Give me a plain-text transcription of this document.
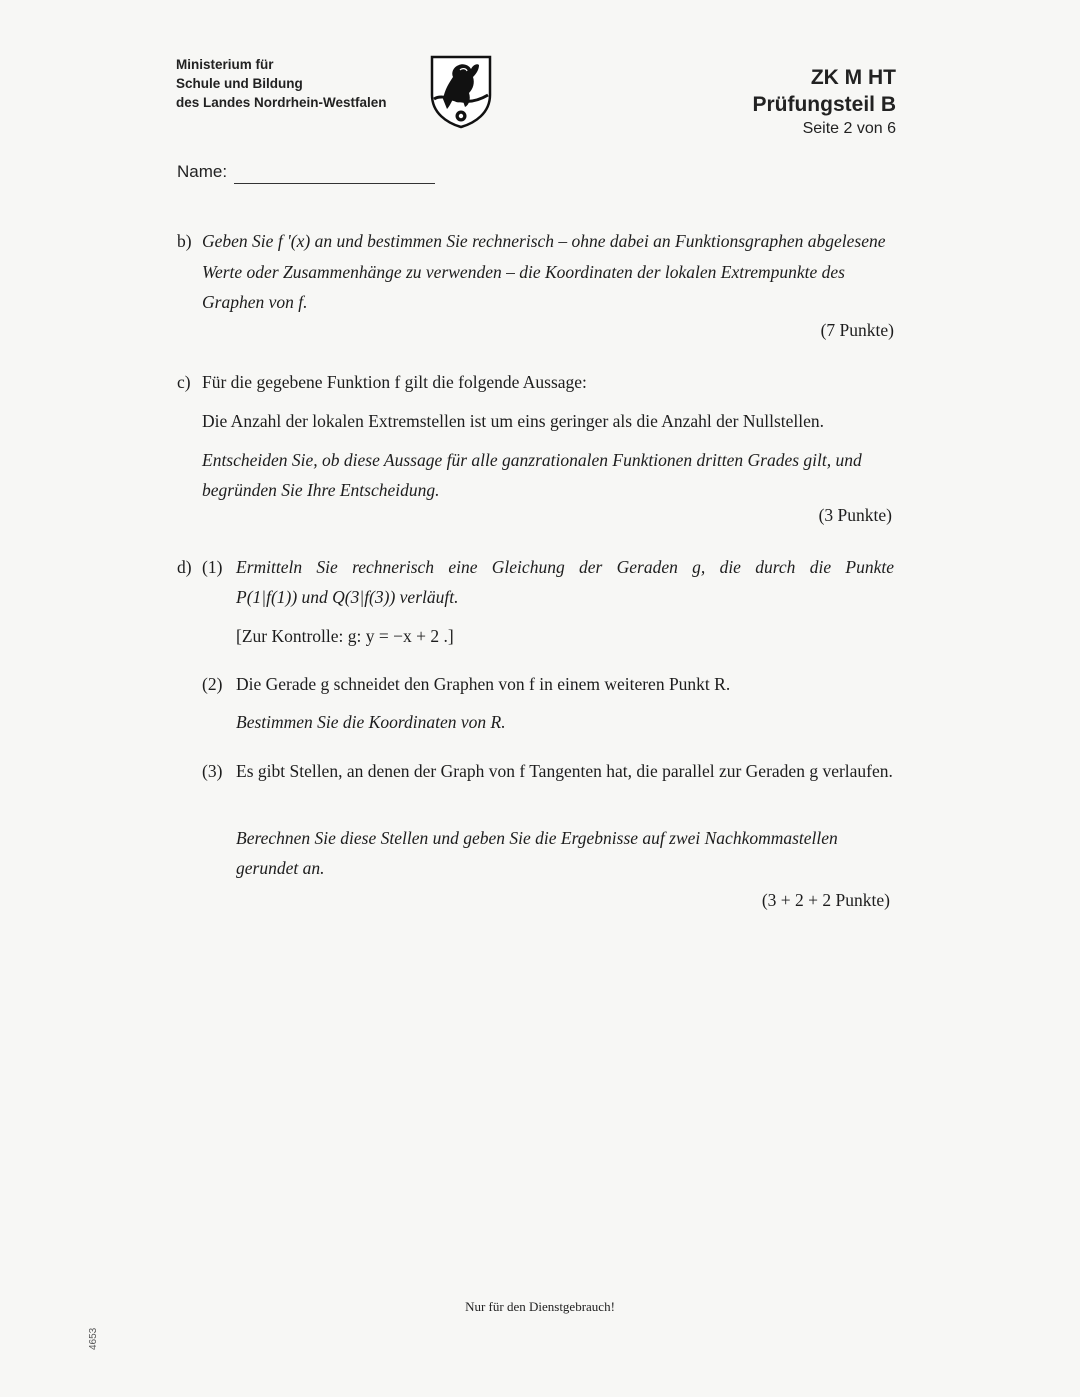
Ministerium für
Schule und Bildung
des Landes Nordrhein-Westfalen
ZK M HT
Prüfungsteil B
Seite 2 von 6
Name:
b) Geben Sie f '(x) an und bestimmen Sie rechnerisch – ohne dabei an Funktionsgraphen abgelesene Werte oder Zusammenhänge zu verwenden – die Koordinaten der lokalen Extrempunkte des Graphen von f.
(7 Punkte)
c) Für die gegebene Funktion f gilt die folgende Aussage:
Die Anzahl der lokalen Extremstellen ist um eins geringer als die Anzahl der Nullstellen.
Entscheiden Sie, ob diese Aussage für alle ganzrationalen Funktionen dritten Grades gilt, und begründen Sie Ihre Entscheidung.
(3 Punkte)
d) (1) Ermitteln Sie rechnerisch eine Gleichung der Geraden g, die durch die Punkte
P(1|f(1)) und Q(3|f(3)) verläuft.
[Zur Kontrolle: g: y = −x + 2 .]
(2) Die Gerade g schneidet den Graphen von f in einem weiteren Punkt R.
Bestimmen Sie die Koordinaten von R.
(3) Es gibt Stellen, an denen der Graph von f Tangenten hat, die parallel zur Geraden g verlaufen.
Berechnen Sie diese Stellen und geben Sie die Ergebnisse auf zwei Nachkommastellen gerundet an.
(3 + 2 + 2 Punkte)
Nur für den Dienstgebrauch!
4653
